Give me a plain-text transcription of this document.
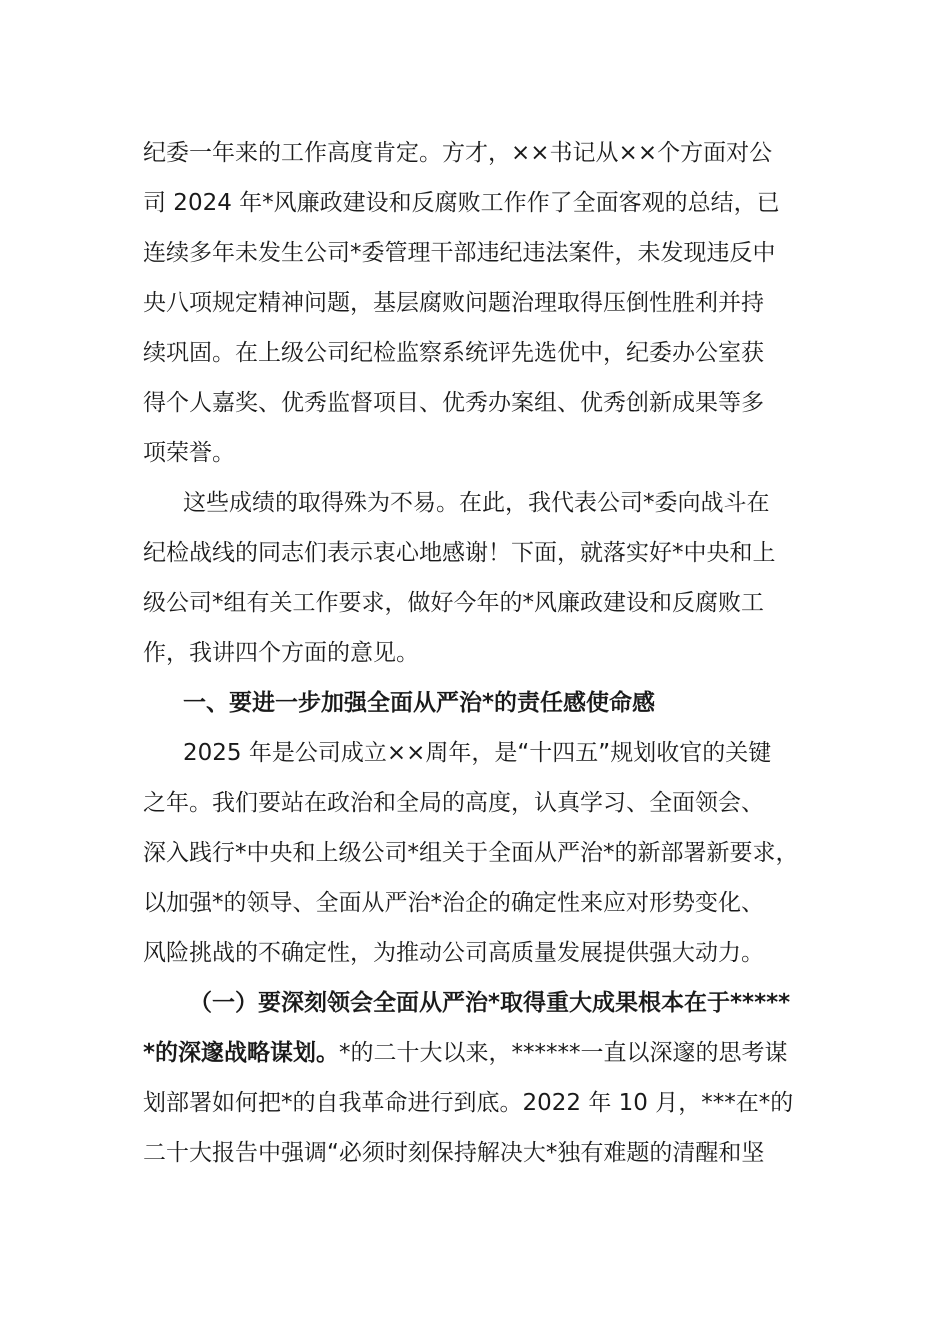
纪委一年来的工作高度肯定。方才，××书记从××个方面对公
司 2024 年*风廉政建设和反腐败工作作了全面客观的总结，已
连续多年未发生公司*委管理干部违纪违法案件，未发现违反中
央八项规定精神问题，基层腐败问题治理取得压倒性胜利并持
续巩固。在上级公司纪检监察系统评先选优中，纪委办公室获
得个人嘉奖、优秀监督项目、优秀办案组、优秀创新成果等多
项荣誉。
这些成绩的取得殊为不易。在此，我代表公司*委向战斗在
纪检战线的同志们表示衷心地感谢！下面，就落实好*中央和上
级公司*组有关工作要求，做好今年的*风廉政建设和反腐败工
作，我讲四个方面的意见。
一、要进一步加强全面从严治*的责任感使命感
2025 年是公司成立××周年，是“十四五”规划收官的关键
之年。我们要站在政治和全局的高度，认真学习、全面领会、
深入践行*中央和上级公司*组关于全面从严治*的新部署新要求，
以加强*的领导、全面从严治*治企的确定性来应对形势变化、
风险挑战的不确定性，为推动公司高质量发展提供强大动力。
（一）要深刻领会全面从严治*取得重大成果根本在于*****
*的深邃战略谋划。*的二十大以来，******一直以深邃的思考谋
划部署如何把*的自我革命进行到底。2022 年 10 月，***在*的
二十大报告中强调“必须时刻保持解决大*独有难题的清醒和坚
